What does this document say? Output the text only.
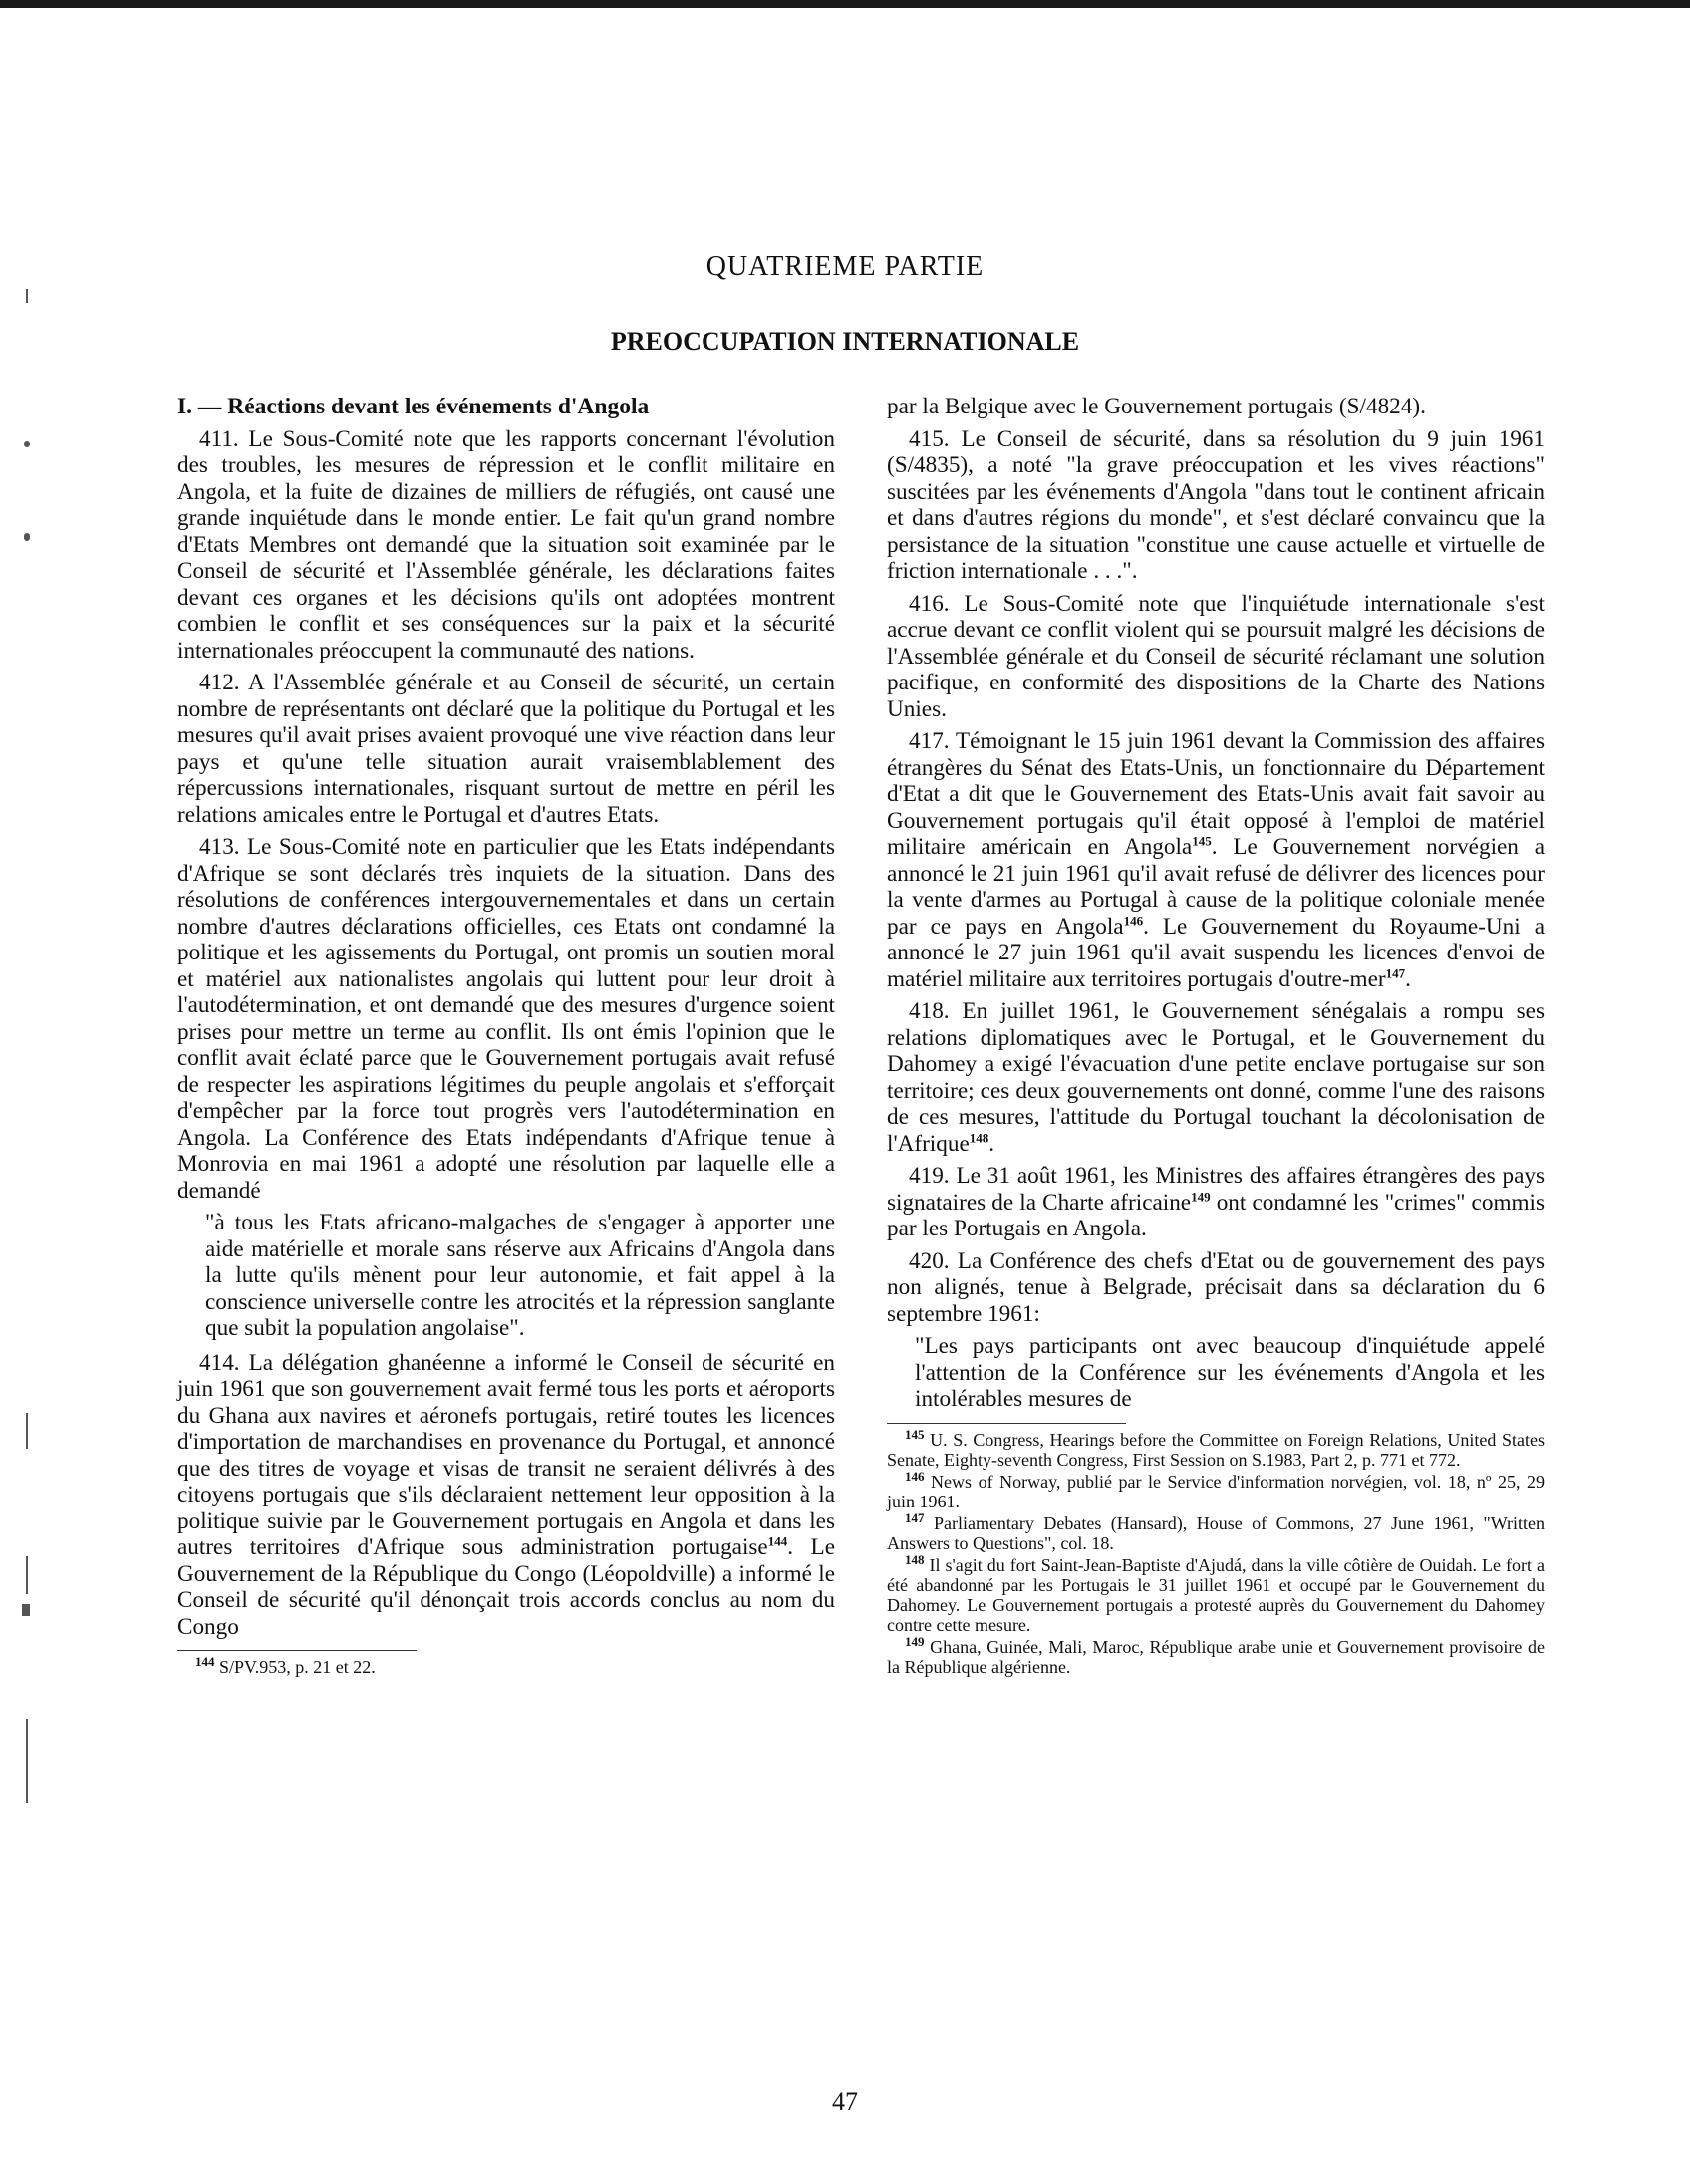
QUATRIEME PARTIE
PREOCCUPATION INTERNATIONALE

I. — Réactions devant les événements d'Angola

411. Le Sous-Comité note que les rapports concernant l'évolution des troubles, les mesures de répression et le conflit militaire en Angola, et la fuite de dizaines de milliers de réfugiés, ont causé une grande inquiétude dans le monde entier. Le fait qu'un grand nombre d'Etats Membres ont demandé que la situation soit examinée par le Conseil de sécurité et l'Assemblée générale, les déclarations faites devant ces organes et les décisions qu'ils ont adoptées montrent combien le conflit et ses conséquences sur la paix et la sécurité internationales préoccupent la communauté des nations.

412. A l'Assemblée générale et au Conseil de sécurité, un certain nombre de représentants ont déclaré que la politique du Portugal et les mesures qu'il avait prises avaient provoqué une vive réaction dans leur pays et qu'une telle situation aurait vraisemblablement des répercussions internationales, risquant surtout de mettre en péril les relations amicales entre le Portugal et d'autres Etats.

413. Le Sous-Comité note en particulier que les Etats indépendants d'Afrique se sont déclarés très inquiets de la situation. Dans des résolutions de conférences intergouvernementales et dans un certain nombre d'autres déclarations officielles, ces Etats ont condamné la politique et les agissements du Portugal, ont promis un soutien moral et matériel aux nationalistes angolais qui luttent pour leur droit à l'autodétermination, et ont demandé que des mesures d'urgence soient prises pour mettre un terme au conflit. Ils ont émis l'opinion que le conflit avait éclaté parce que le Gouvernement portugais avait refusé de respecter les aspirations légitimes du peuple angolais et s'efforçait d'empêcher par la force tout progrès vers l'autodétermination en Angola. La Conférence des Etats indépendants d'Afrique tenue à Monrovia en mai 1961 a adopté une résolution par laquelle elle a demandé

"à tous les Etats africano-malgaches de s'engager à apporter une aide matérielle et morale sans réserve aux Africains d'Angola dans la lutte qu'ils mènent pour leur autonomie, et fait appel à la conscience universelle contre les atrocités et la répression sanglante que subit la population angolaise".

414. La délégation ghanéenne a informé le Conseil de sécurité en juin 1961 que son gouvernement avait fermé tous les ports et aéroports du Ghana aux navires et aéronefs portugais, retiré toutes les licences d'importation de marchandises en provenance du Portugal, et annoncé que des titres de voyage et visas de transit ne seraient délivrés à des citoyens portugais que s'ils déclaraient nettement leur opposition à la politique suivie par le Gouvernement portugais en Angola et dans les autres territoires d'Afrique sous administration portugaise$^{144}$. Le Gouvernement de la République du Congo (Léopoldville) a informé le Conseil de sécurité qu'il dénonçait trois accords conclus au nom du Congo

$^{144}$ S/PV.953, p. 21 et 22.

par la Belgique avec le Gouvernement portugais (S/4824).

415. Le Conseil de sécurité, dans sa résolution du 9 juin 1961 (S/4835), a noté "la grave préoccupation et les vives réactions" suscitées par les événements d'Angola "dans tout le continent africain et dans d'autres régions du monde", et s'est déclaré convaincu que la persistance de la situation "constitue une cause actuelle et virtuelle de friction internationale . . .".

416. Le Sous-Comité note que l'inquiétude internationale s'est accrue devant ce conflit violent qui se poursuit malgré les décisions de l'Assemblée générale et du Conseil de sécurité réclamant une solution pacifique, en conformité des dispositions de la Charte des Nations Unies.

417. Témoignant le 15 juin 1961 devant la Commission des affaires étrangères du Sénat des Etats-Unis, un fonctionnaire du Département d'Etat a dit que le Gouvernement des Etats-Unis avait fait savoir au Gouvernement portugais qu'il était opposé à l'emploi de matériel militaire américain en Angola$^{145}$. Le Gouvernement norvégien a annoncé le 21 juin 1961 qu'il avait refusé de délivrer des licences pour la vente d'armes au Portugal à cause de la politique coloniale menée par ce pays en Angola$^{146}$. Le Gouvernement du Royaume-Uni a annoncé le 27 juin 1961 qu'il avait suspendu les licences d'envoi de matériel militaire aux territoires portugais d'outre-mer$^{147}$.

418. En juillet 1961, le Gouvernement sénégalais a rompu ses relations diplomatiques avec le Portugal, et le Gouvernement du Dahomey a exigé l'évacuation d'une petite enclave portugaise sur son territoire; ces deux gouvernements ont donné, comme l'une des raisons de ces mesures, l'attitude du Portugal touchant la décolonisation de l'Afrique$^{148}$.

419. Le 31 août 1961, les Ministres des affaires étrangères des pays signataires de la Charte africaine$^{149}$ ont condamné les "crimes" commis par les Portugais en Angola.

420. La Conférence des chefs d'Etat ou de gouvernement des pays non alignés, tenue à Belgrade, précisait dans sa déclaration du 6 septembre 1961:

"Les pays participants ont avec beaucoup d'inquiétude appelé l'attention de la Conférence sur les événements d'Angola et les intolérables mesures de

$^{145}$ U. S. Congress, Hearings before the Committee on Foreign Relations, United States Senate, Eighty-seventh Congress, First Session on S.1983, Part 2, p. 771 et 772.

$^{146}$ News of Norway, publié par le Service d'information norvégien, vol. 18, nº 25, 29 juin 1961.

$^{147}$ Parliamentary Debates (Hansard), House of Commons, 27 June 1961, "Written Answers to Questions", col. 18.

$^{148}$ Il s'agit du fort Saint-Jean-Baptiste d'Ajudá, dans la ville côtière de Ouidah. Le fort a été abandonné par les Portugais le 31 juillet 1961 et occupé par le Gouvernement du Dahomey. Le Gouvernement portugais a protesté auprès du Gouvernement du Dahomey contre cette mesure.

$^{149}$ Ghana, Guinée, Mali, Maroc, République arabe unie et Gouvernement provisoire de la République algérienne.

47
